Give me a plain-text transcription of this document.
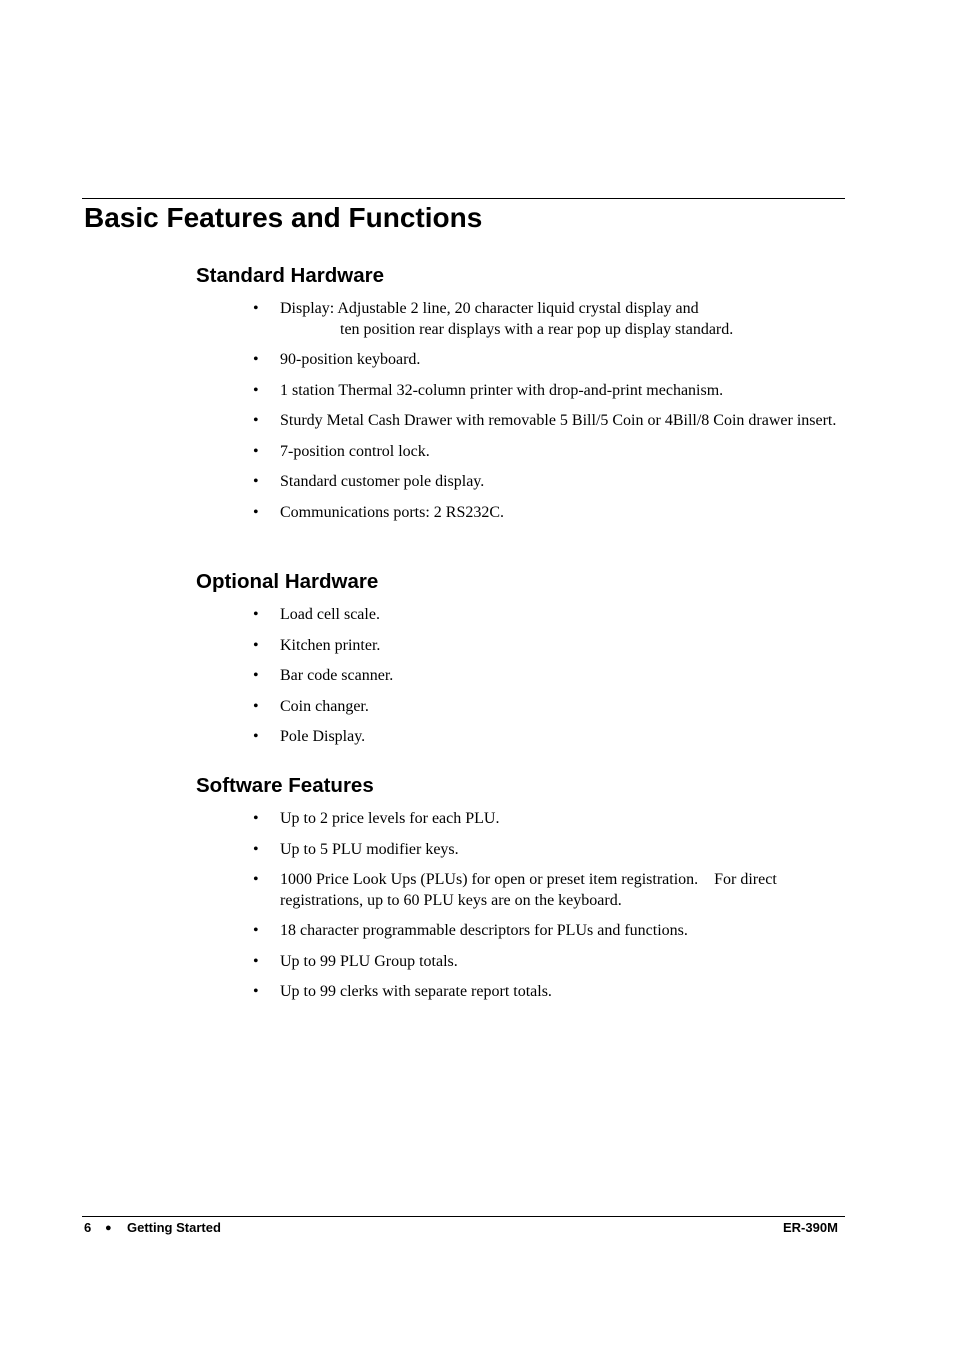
Basic Features and Functions
Standard Hardware
•	Display: Adjustable 2 line, 20 character liquid crystal display and
ten position rear displays with a rear pop up display standard.
•	90-position keyboard.
•	1 station Thermal 32-column printer with drop-and-print mechanism.
•	Sturdy Metal Cash Drawer with removable 5 Bill/5 Coin or 4Bill/8 Coin drawer insert.
•	7-position control lock.
•	Standard customer pole display.
•	Communications ports: 2 RS232C.
Optional Hardware
•	Load cell scale.
•	Kitchen printer.
•	Bar code scanner.
•	Coin changer.
•	Pole Display.
Software Features
•	Up to 2 price levels for each PLU.
•	Up to 5 PLU modifier keys.
•	1000 Price Look Ups (PLUs) for open or preset item registration.    For direct registrations, up to 60 PLU keys are on the keyboard.
•	18 character programmable descriptors for PLUs and functions.
•	Up to 99 PLU Group totals.
•	Up to 99 clerks with separate report totals.
6 ● Getting Started	ER-390M
